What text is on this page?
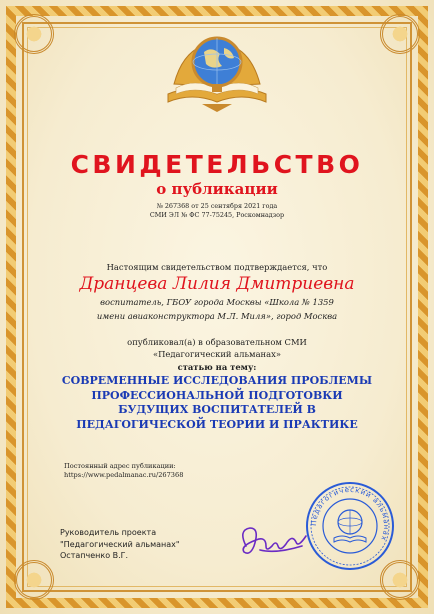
СВИДЕТЕЛЬСТВО
о публикации
№ 267368 от 25 сентября 2021 года
СМИ ЭЛ № ФС 77-75245, Роскомнадзор
Настоящим свидетельством подтверждается, что
Дранцева Лилия Дмитриевна
воспитатель, ГБОУ города Москвы «Школа № 1359 имени авиаконструктора М.Л. Миля», город Москва
опубликовал(а) в образовательном СМИ
«Педагогический альманах»
статью на тему:
СОВРЕМЕННЫЕ ИССЛЕДОВАНИЯ ПРОБЛЕМЫ ПРОФЕССИОНАЛЬНОЙ ПОДГОТОВКИ БУДУЩИХ ВОСПИТАТЕЛЕЙ В ПЕДАГОГИЧЕСКОЙ ТЕОРИИ И ПРАКТИКЕ
Постоянный адрес публикации:
https://www.pedalmanac.ru/267368
Руководитель проекта
"Педагогический альманах"
Остапченко В.Г.
Педагогический альманах
